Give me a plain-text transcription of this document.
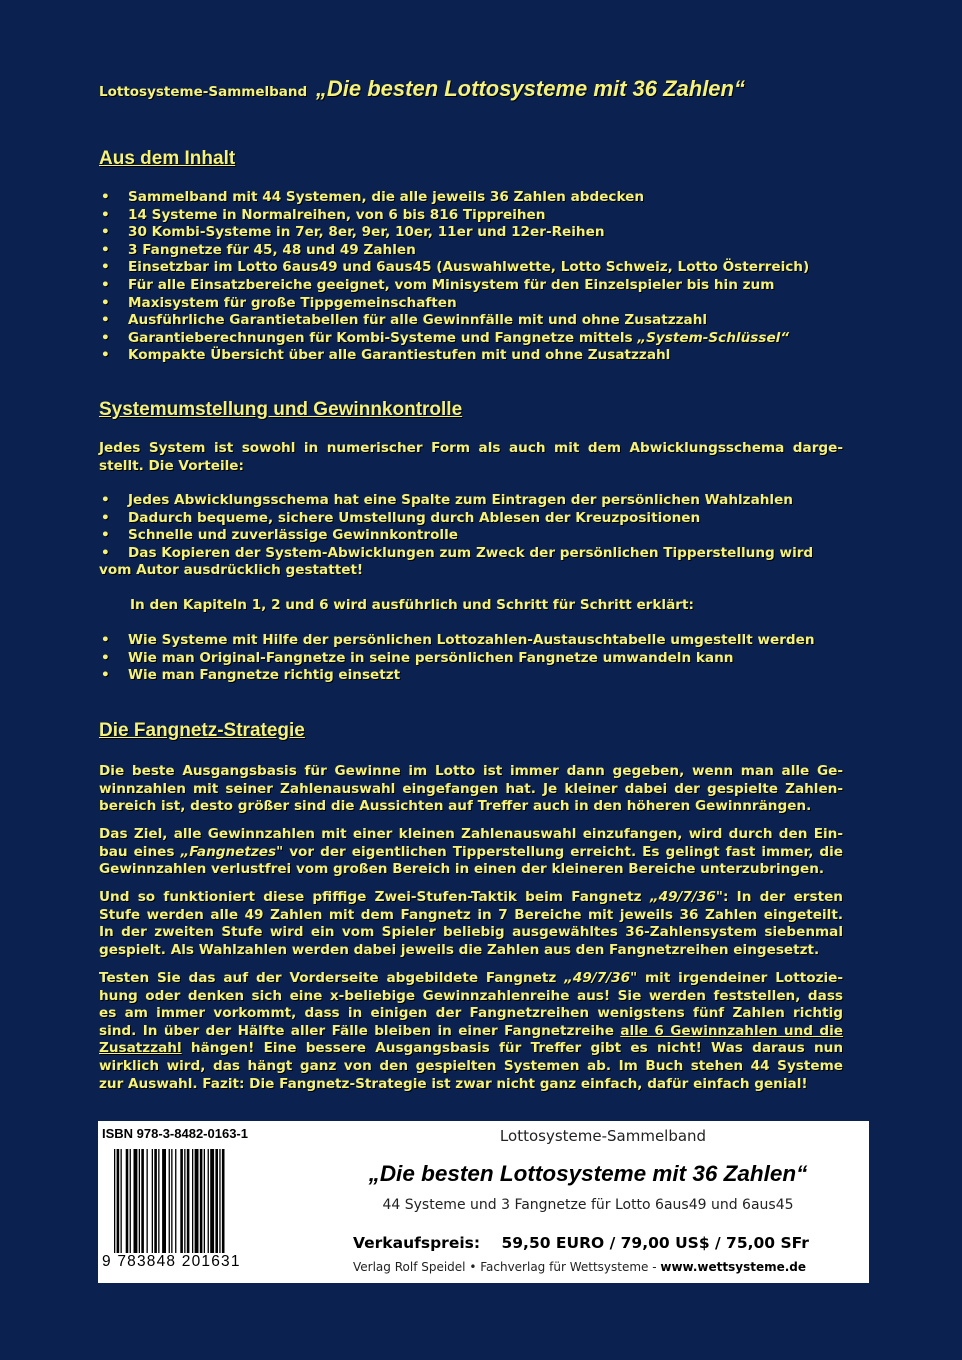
Lottosysteme-Sammelband „Die besten Lottosysteme mit 36 Zahlen“
Aus dem Inhalt
• Sammelband mit 44 Systemen, die alle jeweils 36 Zahlen abdecken
• 14 Systeme in Normalreihen, von 6 bis 816 Tippreihen
• 30 Kombi-Systeme in 7er, 8er, 9er, 10er, 11er und 12er-Reihen
• 3 Fangnetze für 45, 48 und 49 Zahlen
• Einsetzbar im Lotto 6aus49 und 6aus45 (Auswahlwette, Lotto Schweiz, Lotto Österreich)
• Für alle Einsatzbereiche geeignet, vom Minisystem für den Einzelspieler bis hin zum
• Maxisystem für große Tippgemeinschaften
• Ausführliche Garantietabellen für alle Gewinnfälle mit und ohne Zusatzzahl
• Garantieberechnungen für Kombi-Systeme und Fangnetze mittels „System-Schlüssel“
• Kompakte Übersicht über alle Garantiestufen mit und ohne Zusatzzahl
Systemumstellung und Gewinnkontrolle
Jedes System ist sowohl in numerischer Form als auch mit dem Abwicklungsschema darge-
stellt. Die Vorteile:
• Jedes Abwicklungsschema hat eine Spalte zum Eintragen der persönlichen Wahlzahlen
• Dadurch bequeme, sichere Umstellung durch Ablesen der Kreuzpositionen
• Schnelle und zuverlässige Gewinnkontrolle
• Das Kopieren der System-Abwicklungen zum Zweck der persönlichen Tipperstellung wird
vom Autor ausdrücklich gestattet!
In den Kapiteln 1, 2 und 6 wird ausführlich und Schritt für Schritt erklärt:
• Wie Systeme mit Hilfe der persönlichen Lottozahlen-Austauschtabelle umgestellt werden
• Wie man Original-Fangnetze in seine persönlichen Fangnetze umwandeln kann
• Wie man Fangnetze richtig einsetzt
Die Fangnetz-Strategie
Die beste Ausgangsbasis für Gewinne im Lotto ist immer dann gegeben, wenn man alle Ge-
winnzahlen mit seiner Zahlenauswahl eingefangen hat. Je kleiner dabei der gespielte Zahlen-
bereich ist, desto größer sind die Aussichten auf Treffer auch in den höheren Gewinnrängen.
Das Ziel, alle Gewinnzahlen mit einer kleinen Zahlenauswahl einzufangen, wird durch den Ein-
bau eines „Fangnetzes" vor der eigentlichen Tipperstellung erreicht. Es gelingt fast immer, die
Gewinnzahlen verlustfrei vom großen Bereich in einen der kleineren Bereiche unterzubringen.
Und so funktioniert diese pfiffige Zwei-Stufen-Taktik beim Fangnetz „49/7/36": In der ersten
Stufe werden alle 49 Zahlen mit dem Fangnetz in 7 Bereiche mit jeweils 36 Zahlen eingeteilt.
In der zweiten Stufe wird ein vom Spieler beliebig ausgewähltes 36-Zahlensystem siebenmal
gespielt. Als Wahlzahlen werden dabei jeweils die Zahlen aus den Fangnetzreihen eingesetzt.
Testen Sie das auf der Vorderseite abgebildete Fangnetz „49/7/36" mit irgendeiner Lottozie-
hung oder denken sich eine x-beliebige Gewinnzahlenreihe aus! Sie werden feststellen, dass
es am immer vorkommt, dass in einigen der Fangnetzreihen wenigstens fünf Zahlen richtig
sind. In über der Hälfte aller Fälle bleiben in einer Fangnetzreihe alle 6 Gewinnzahlen und die
Zusatzzahl hängen! Eine bessere Ausgangsbasis für Treffer gibt es nicht! Was daraus nun
wirklich wird, das hängt ganz von den gespielten Systemen ab. Im Buch stehen 44 Systeme
zur Auswahl. Fazit: Die Fangnetz-Strategie ist zwar nicht ganz einfach, dafür einfach genial!
ISBN 978-3-8482-0163-1
9 783848 201631
Lottosysteme-Sammelband
„Die besten Lottosysteme mit 36 Zahlen“
44 Systeme und 3 Fangnetze für Lotto 6aus49 und 6aus45
Verkaufspreis: 59,50 EURO / 79,00 US$ / 75,00 SFr
Verlag Rolf Speidel • Fachverlag für Wettsysteme - www.wettsysteme.de
